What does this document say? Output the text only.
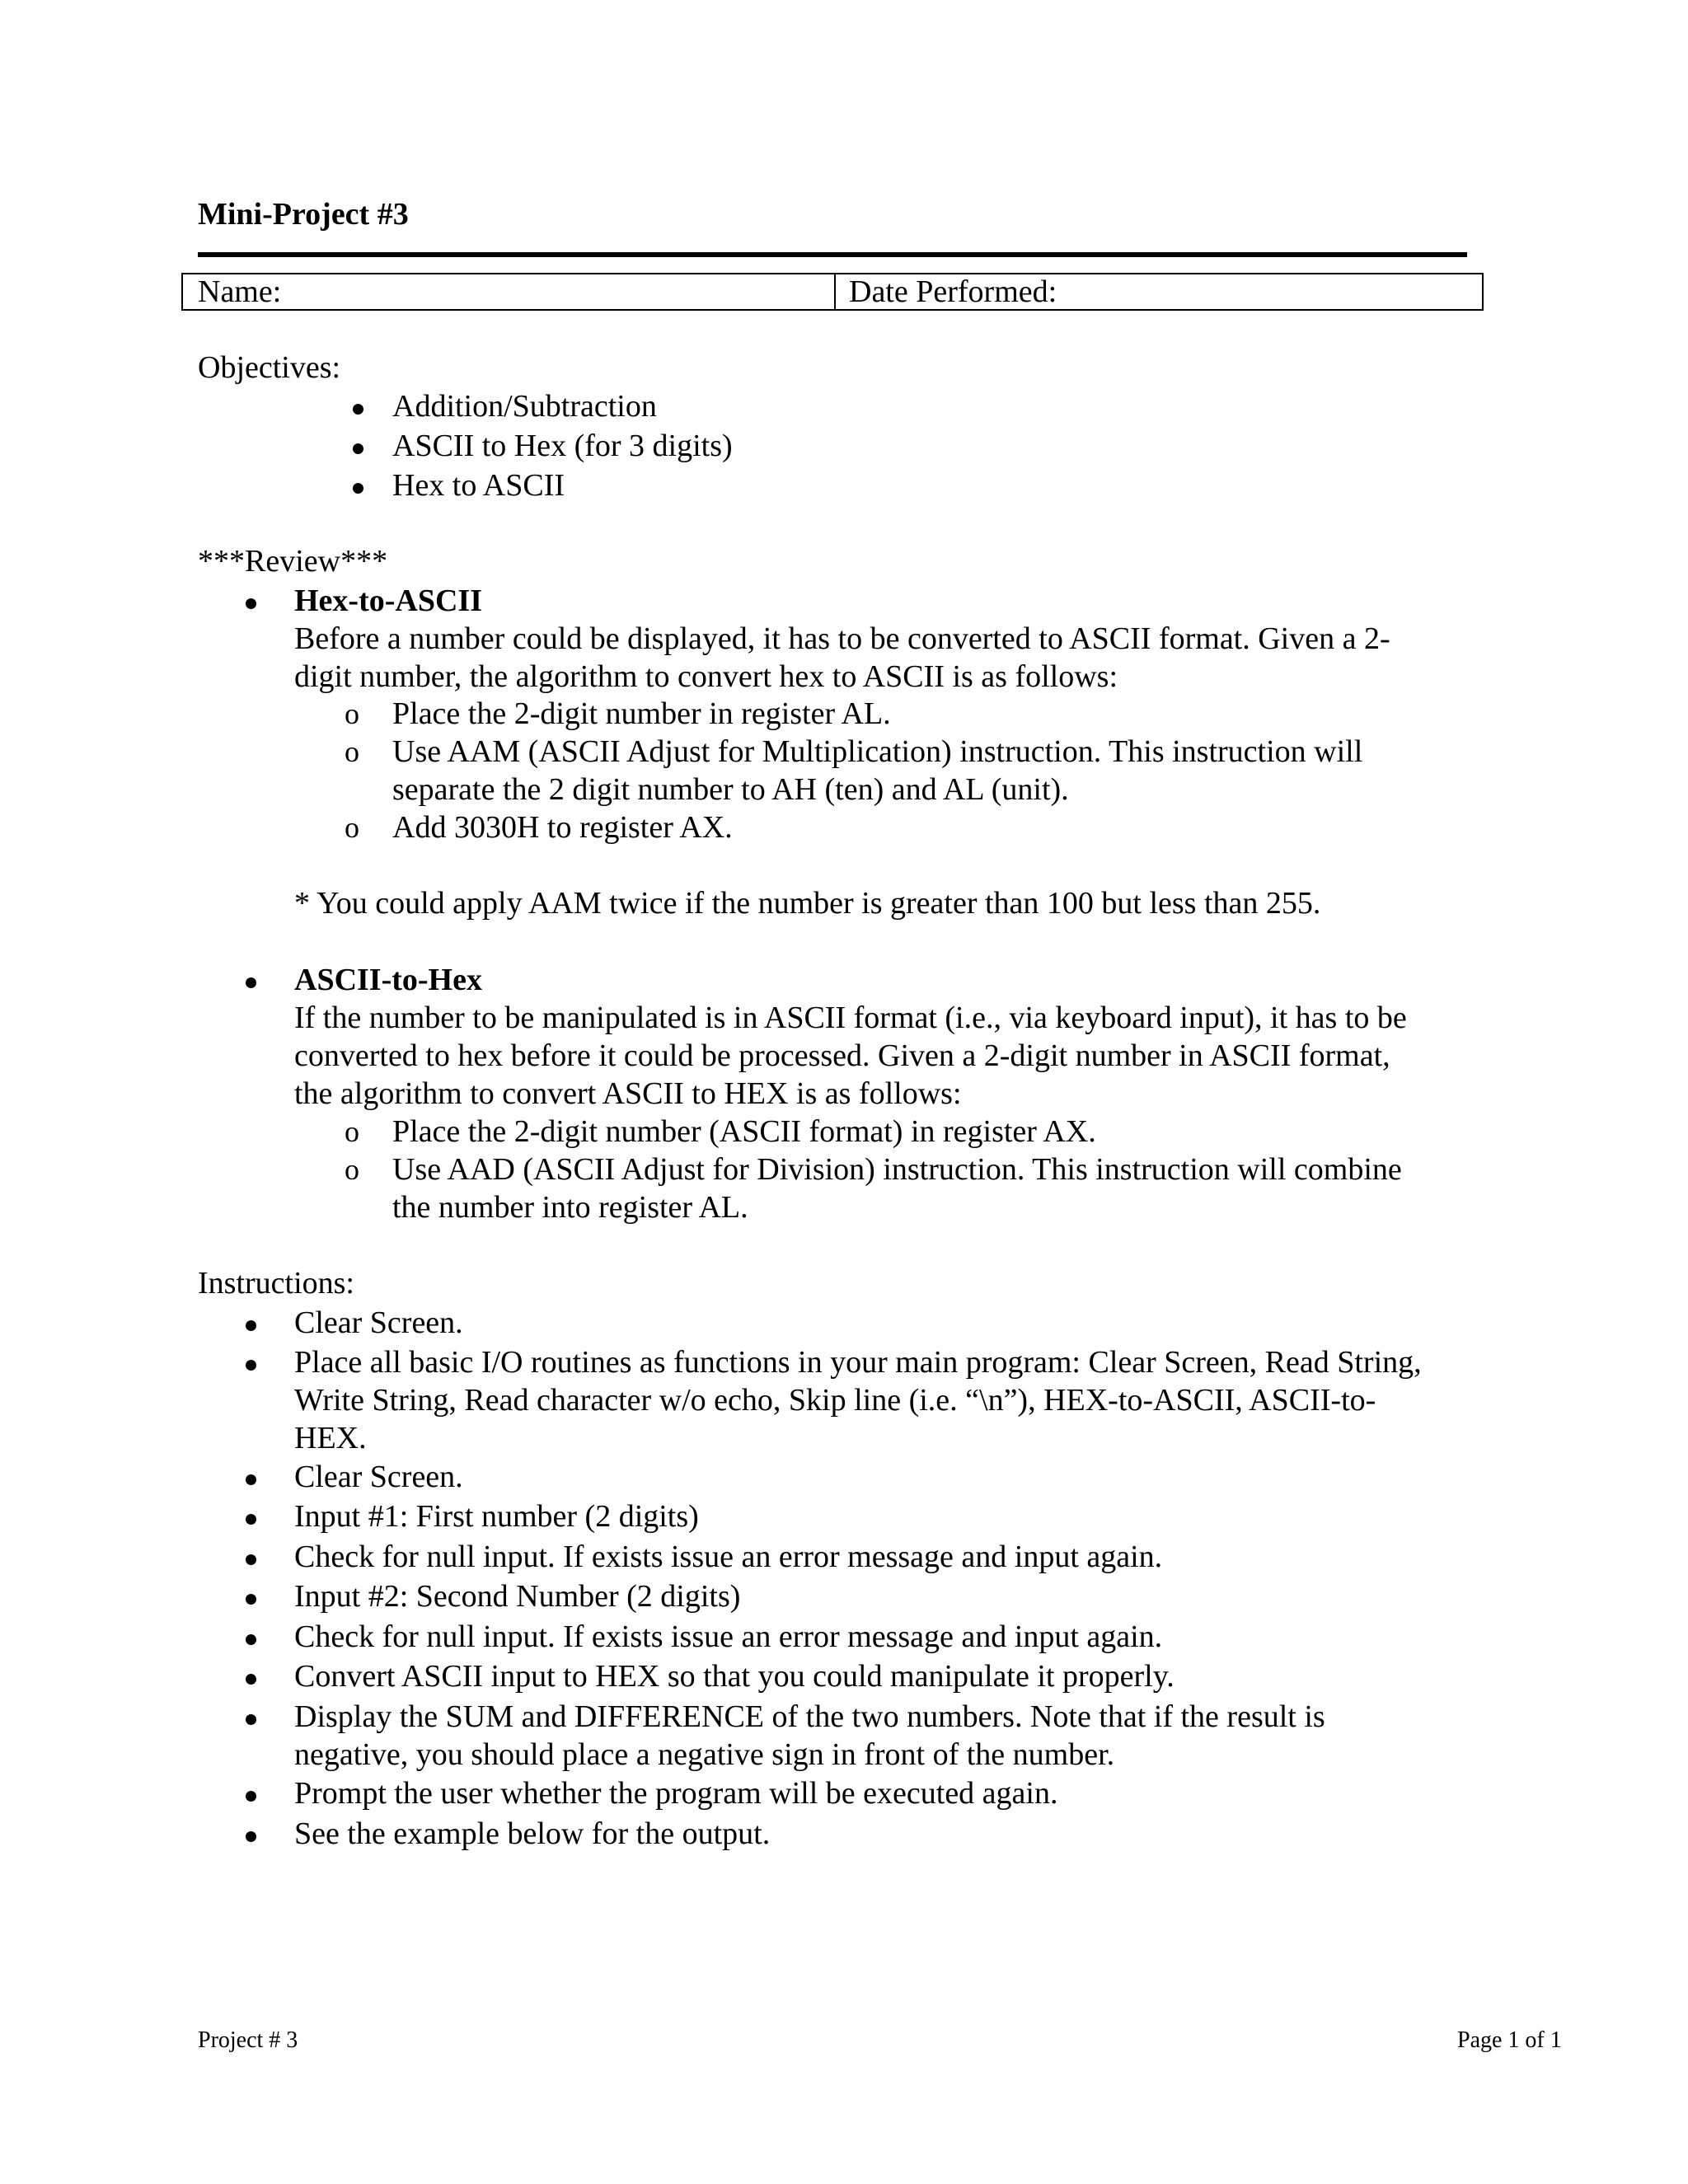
Mini-Project #3
Name:	Date Performed:
Objectives:
Addition/Subtraction
ASCII to Hex (for 3 digits)
Hex to ASCII
***Review***
Hex-to-ASCII
Before a number could be displayed, it has to be converted to ASCII format. Given a 2-
digit number, the algorithm to convert hex to ASCII is as follows:
o Place the 2-digit number in register AL.
o Use AAM (ASCII Adjust for Multiplication) instruction. This instruction will
separate the 2 digit number to AH (ten) and AL (unit).
o Add 3030H to register AX.
* You could apply AAM twice if the number is greater than 100 but less than 255.
ASCII-to-Hex
If the number to be manipulated is in ASCII format (i.e., via keyboard input), it has to be
converted to hex before it could be processed. Given a 2-digit number in ASCII format,
the algorithm to convert ASCII to HEX is as follows:
o Place the 2-digit number (ASCII format) in register AX.
o Use AAD (ASCII Adjust for Division) instruction. This instruction will combine
the number into register AL.
Instructions:
Clear Screen.
Place all basic I/O routines as functions in your main program: Clear Screen, Read String,
Write String, Read character w/o echo, Skip line (i.e. “\n”), HEX-to-ASCII, ASCII-to-
HEX.
Clear Screen.
Input #1: First number (2 digits)
Check for null input. If exists issue an error message and input again.
Input #2: Second Number (2 digits)
Check for null input. If exists issue an error message and input again.
Convert ASCII input to HEX so that you could manipulate it properly.
Display the SUM and DIFFERENCE of the two numbers. Note that if the result is
negative, you should place a negative sign in front of the number.
Prompt the user whether the program will be executed again.
See the example below for the output.
Project # 3	Page 1 of 1
